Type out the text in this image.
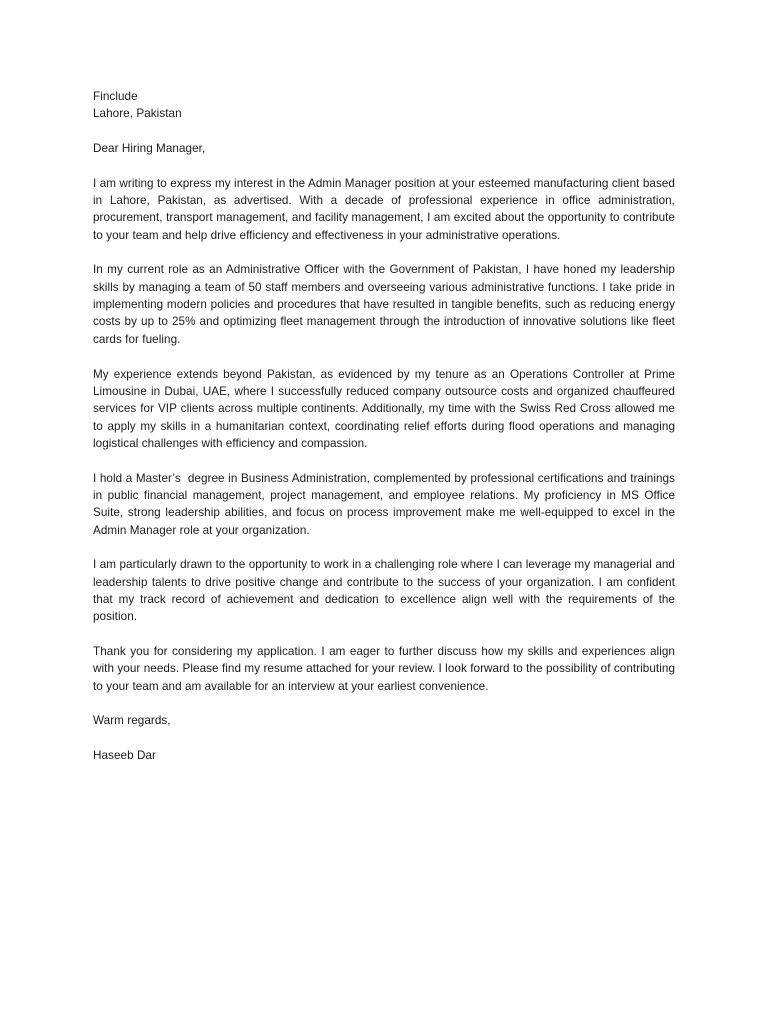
Finclude
Lahore, Pakistan
Dear Hiring Manager,

I am writing to express my interest in the Admin Manager position at your esteemed manufacturing client based in Lahore, Pakistan, as advertised. With a decade of professional experience in office administration, procurement, transport management, and facility management, I am excited about the opportunity to contribute to your team and help drive efficiency and effectiveness in your administrative operations.

In my current role as an Administrative Officer with the Government of Pakistan, I have honed my leadership skills by managing a team of 50 staff members and overseeing various administrative functions. I take pride in implementing modern policies and procedures that have resulted in tangible benefits, such as reducing energy costs by up to 25% and optimizing fleet management through the introduction of innovative solutions like fleet cards for fueling.

My experience extends beyond Pakistan, as evidenced by my tenure as an Operations Controller at Prime Limousine in Dubai, UAE, where I successfully reduced company outsource costs and organized chauffeured services for VIP clients across multiple continents. Additionally, my time with the Swiss Red Cross allowed me to apply my skills in a humanitarian context, coordinating relief efforts during flood operations and managing logistical challenges with efficiency and compassion.

I hold a Master’s  degree in Business Administration, complemented by professional certifications and trainings in public financial management, project management, and employee relations. My proficiency in MS Office Suite, strong leadership abilities, and focus on process improvement make me well-equipped to excel in the Admin Manager role at your organization.

I am particularly drawn to the opportunity to work in a challenging role where I can leverage my managerial and leadership talents to drive positive change and contribute to the success of your organization. I am confident that my track record of achievement and dedication to excellence align well with the requirements of the position.

Thank you for considering my application. I am eager to further discuss how my skills and experiences align with your needs. Please find my resume attached for your review. I look forward to the possibility of contributing to your team and am available for an interview at your earliest convenience.

Warm regards,
Haseeb Dar
